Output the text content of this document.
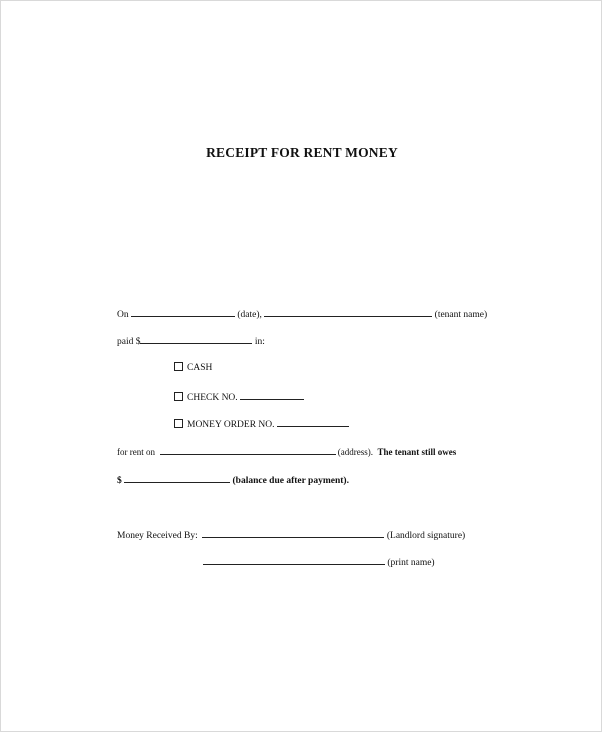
RECEIPT FOR RENT MONEY
On	(date),	(tenant name)
paid $	in:
CASH
CHECK NO.
MONEY ORDER NO.
for rent on	(address). The tenant still owes
$	(balance due after payment).
Money Received By:	(Landlord signature)
(print name)
